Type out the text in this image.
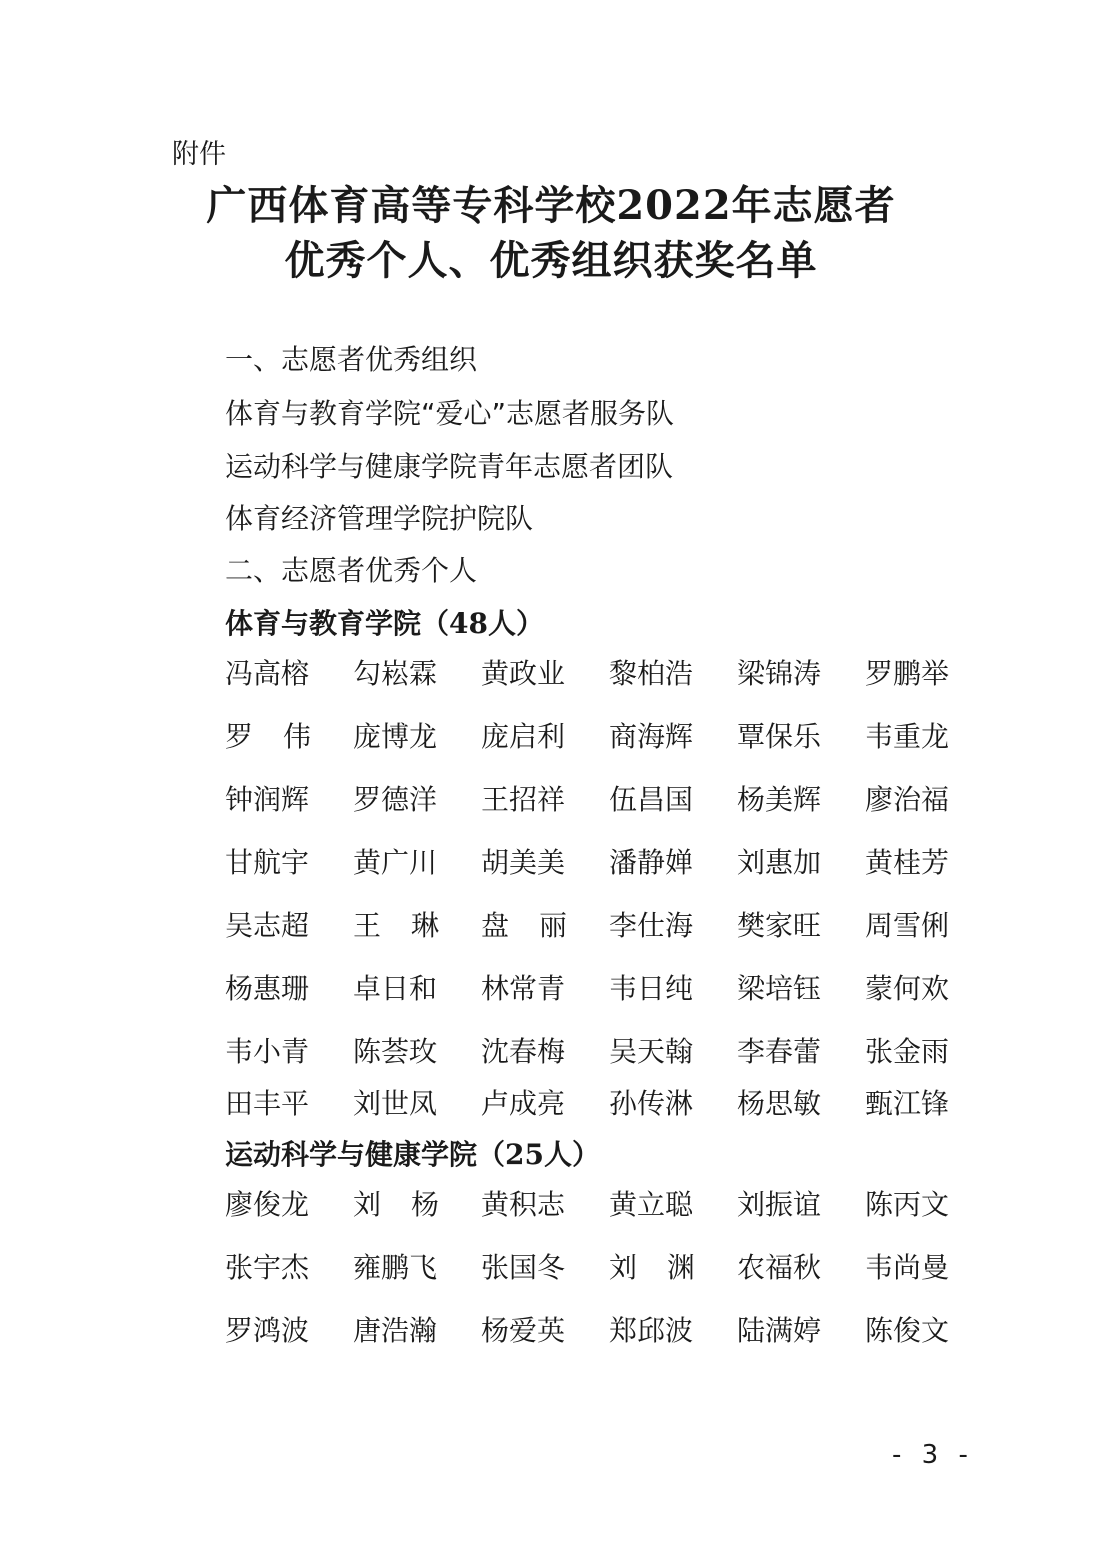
附件
广西体育高等专科学校2022年志愿者
优秀个人、优秀组织获奖名单
一、志愿者优秀组织
体育与教育学院“爱心”志愿者服务队
运动科学与健康学院青年志愿者团队
体育经济管理学院护院队
二、志愿者优秀个人
体育与教育学院（48人）
冯高榕 勾崧霖 黄政业 黎柏浩 梁锦涛 罗鹏举
罗 伟 庞博龙 庞启利 商海辉 覃保乐 韦重龙
钟润辉 罗德洋 王招祥 伍昌国 杨美辉 廖治福
甘航宇 黄广川 胡美美 潘静婵 刘惠加 黄桂芳
吴志超 王 琳 盘 丽 李仕海 樊家旺 周雪俐
杨惠珊 卓日和 林常青 韦日纯 梁培钰 蒙何欢
韦小青 陈荟玫 沈春梅 吴天翰 李春蕾 张金雨
田丰平 刘世凤 卢成亮 孙传淋 杨思敏 甄江锋
运动科学与健康学院（25人）
廖俊龙 刘 杨 黄积志 黄立聪 刘振谊 陈丙文
张宇杰 雍鹏飞 张国冬 刘 渊 农福秋 韦尚曼
罗鸿波 唐浩瀚 杨爱英 郑邱波 陆满婷 陈俊文
- 3 -
